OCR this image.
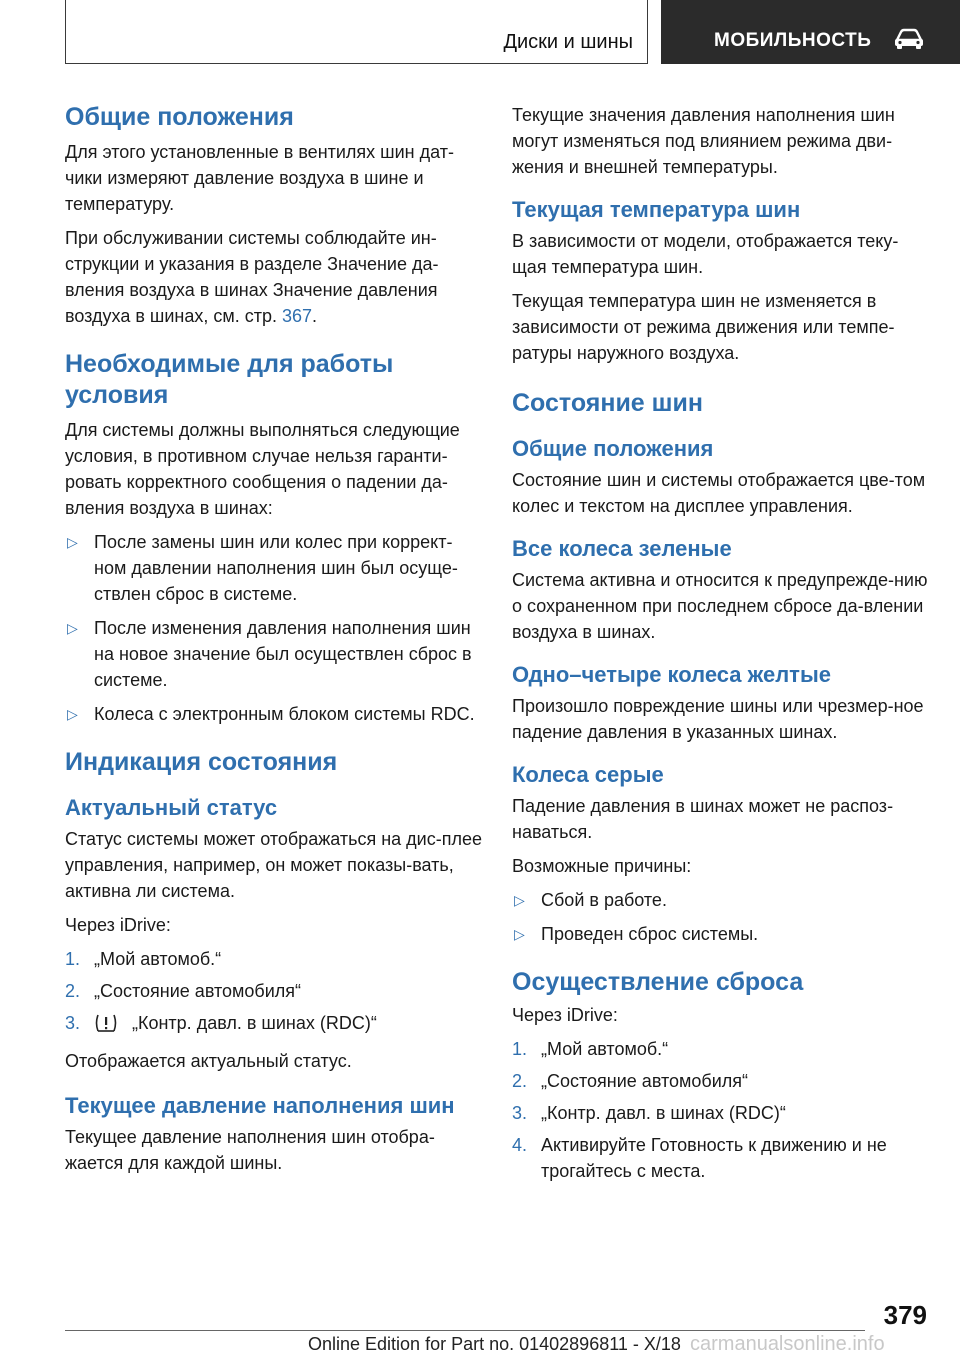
Диски и шины	МОБИЛЬНОСТЬ
Общие положения

Для этого установленные в вентилях шин дат-чики измеряют давление воздуха в шине и температуру.

При обслуживании системы соблюдайте ин-струкции и указания в разделе Значение да-вления воздуха в шинах Значение давления воздуха в шинах, см. стр. 367.

Необходимые для работы условия

Для системы должны выполняться следующие условия, в противном случае нельзя гаранти-ровать корректного сообщения о падении да-вления воздуха в шинах:

▷ После замены шин или колес при коррект-ном давлении наполнения шин был осуще-ствлен сброс в системе.
▷ После изменения давления наполнения шин на новое значение был осуществлен сброс в системе.
▷ Колеса с электронным блоком системы RDC.
Индикация состояния
Актуальный статус

Статус системы может отображаться на дис-плее управления, например, он может показы-вать, активна ли система.

Через iDrive:

1. „Мой автомоб.“
2. „Состояние автомобиля“
3.	„Контр. давл. в шинах (RDC)“

Отображается актуальный статус.

Текущее давление наполнения шин

Текущее давление наполнения шин отобра-жается для каждой шины.

Текущие значения давления наполнения шин могут изменяться под влиянием режима дви-жения и внешней температуры.

Текущая температура шин

В зависимости от модели, отображается теку-щая температура шин.

Текущая температура шин не изменяется в зависимости от режима движения или темпе-ратуры наружного воздуха.

Состояние шин
Общие положения

Состояние шин и системы отображается цве-том колес и текстом на дисплее управления.

Все колеса зеленые

Система активна и относится к предупрежде-нию о сохраненном при последнем сбросе да-влении воздуха в шинах.

Одно–четыре колеса желтые

Произошло повреждение шины или чрезмер-ное падение давления в указанных шинах.

Колеса серые

Падение давления в шинах может не распоз-наваться.

Возможные причины:

▷ Сбой в работе.
▷ Проведен сброс системы.
Осуществление сброса

Через iDrive:

1. „Мой автомоб.“
2. „Состояние автомобиля“
3. „Контр. давл. в шинах (RDC)“
4. Активируйте Готовность к движению и не трогайтесь с места.
379
Online Edition for Part no. 01402896811 - X/18 carmanualsonline.info
